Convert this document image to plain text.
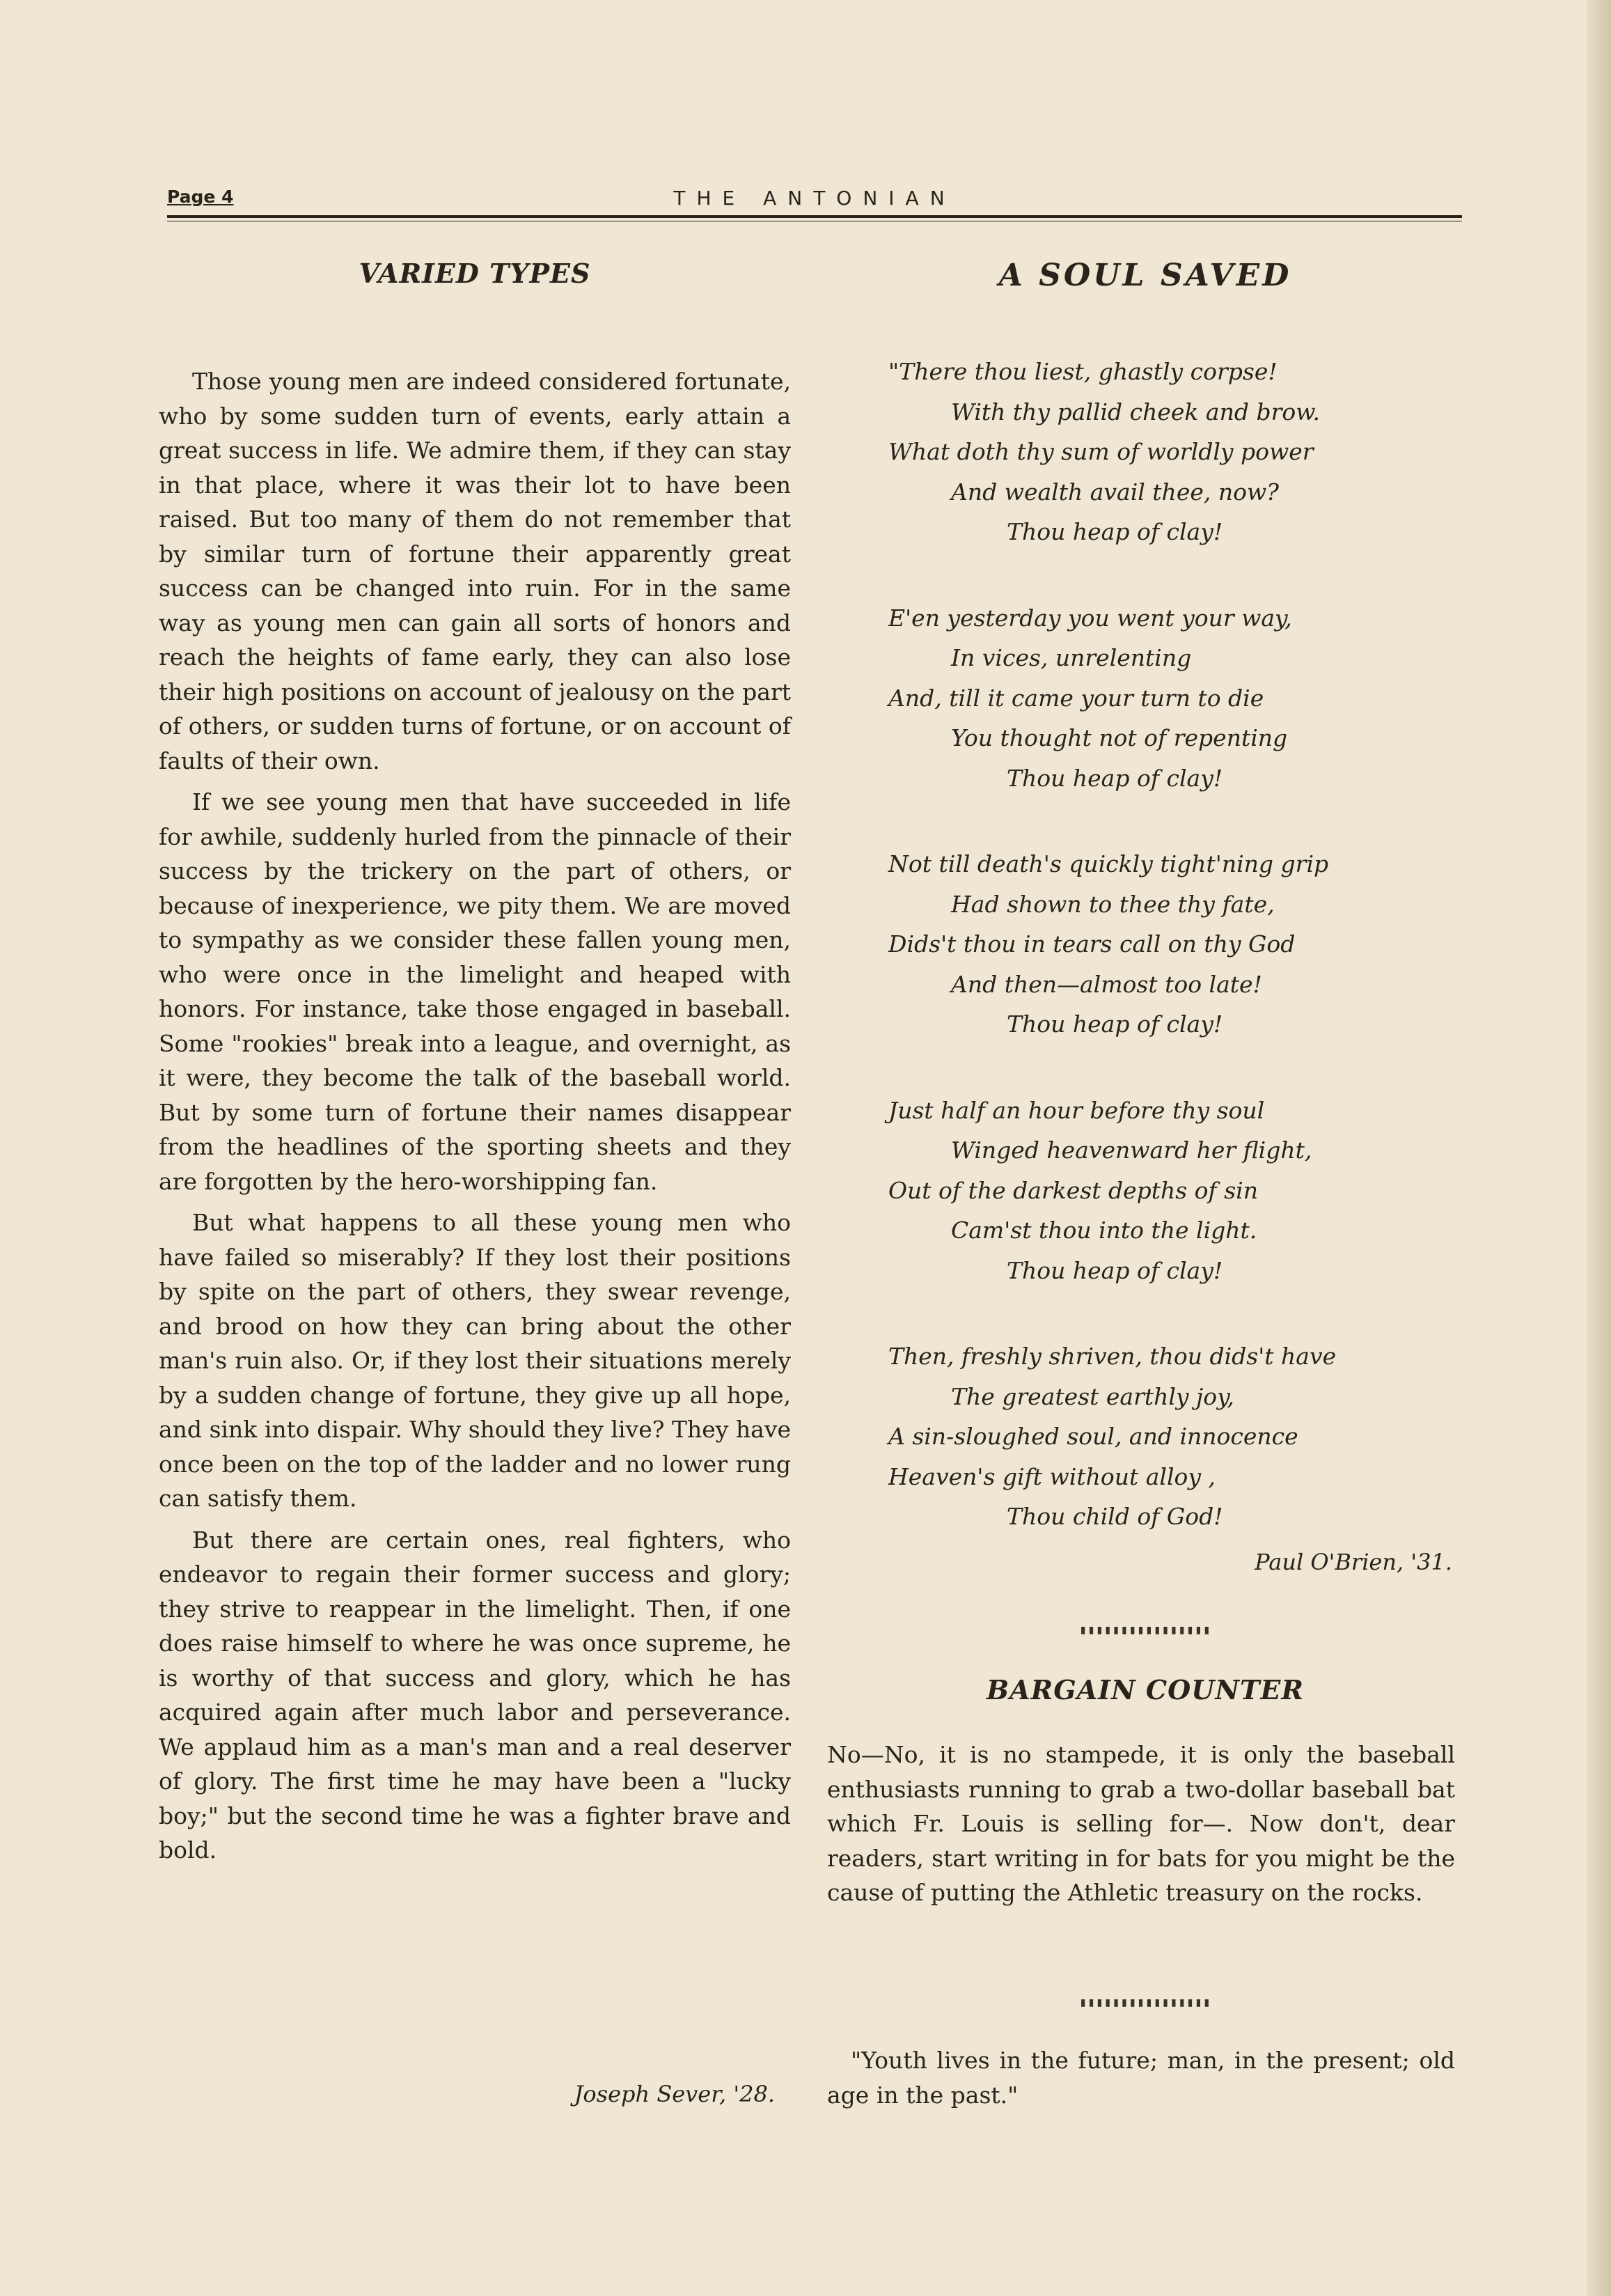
Page 4	THE ANTONIAN
VARIED TYPES

Those young men are indeed considered fortunate, who by some sudden turn of events, early attain a great success in life. We admire them, if they can stay in that place, where it was their lot to have been raised. But too many of them do not remember that by similar turn of fortune their apparently great success can be changed into ruin. For in the same way as young men can gain all sorts of honors and reach the heights of fame early, they can also lose their high positions on account of jealousy on the part of others, or sudden turns of fortune, or on account of faults of their own.

If we see young men that have succeeded in life for awhile, suddenly hurled from the pinnacle of their success by the trickery on the part of others, or because of inexperience, we pity them. We are moved to sympathy as we consider these fallen young men, who were once in the limelight and heaped with honors. For instance, take those engaged in baseball. Some "rookies" break into a league, and overnight, as it were, they become the talk of the baseball world. But by some turn of fortune their names disappear from the headlines of the sporting sheets and they are forgotten by the hero-worshipping fan.

But what happens to all these young men who have failed so miserably? If they lost their positions by spite on the part of others, they swear revenge, and brood on how they can bring about the other man's ruin also. Or, if they lost their situations merely by a sudden change of fortune, they give up all hope, and sink into dispair. Why should they live? They have once been on the top of the ladder and no lower rung can satisfy them.

But there are certain ones, real fighters, who endeavor to regain their former success and glory; they strive to reappear in the limelight. Then, if one does raise himself to where he was once supreme, he is worthy of that success and glory, which he has acquired again after much labor and perseverance. We applaud him as a man's man and a real deserver of glory. The first time he may have been a "lucky boy;" but the second time he was a fighter brave and bold.

Joseph Sever, '28.

A SOUL SAVED
"There thou liest, ghastly corpse!
With thy pallid cheek and brow.
What doth thy sum of worldly power
And wealth avail thee, now?
Thou heap of clay!
E'en yesterday you went your way,
In vices, unrelenting
And, till it came your turn to die
You thought not of repenting
Thou heap of clay!
Not till death's quickly tight'ning grip
Had shown to thee thy fate,
Dids't thou in tears call on thy God
And then—almost too late!
Thou heap of clay!
Just half an hour before thy soul
Winged heavenward her flight,
Out of the darkest depths of sin
Cam'st thou into the light.
Thou heap of clay!
Then, freshly shriven, thou dids't have
The greatest earthly joy,
A sin-sloughed soul, and innocence
Heaven's gift without alloy ,
Thou child of God!

Paul O'Brien, '31.

▮▮▮▮▮▮▮▮▮▮▮▮▮▮▮▮
BARGAIN COUNTER

No—No, it is no stampede, it is only the baseball enthusiasts running to grab a two-dollar baseball bat which Fr. Louis is selling for—. Now don't, dear readers, start writing in for bats for you might be the cause of putting the Athletic treasury on the rocks.

▮▮▮▮▮▮▮▮▮▮▮▮▮▮▮▮

"Youth lives in the future; man, in the present; old age in the past."
